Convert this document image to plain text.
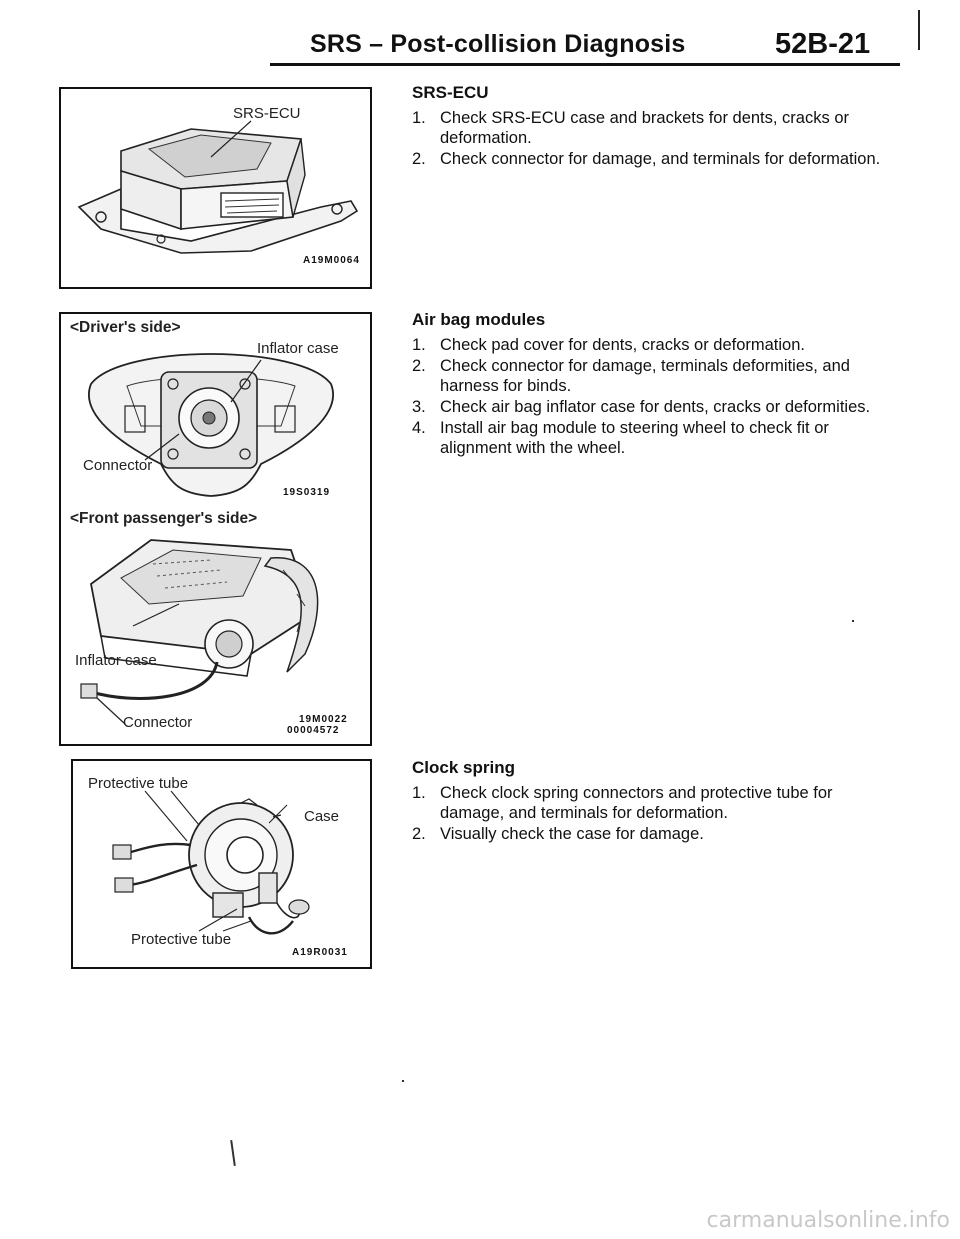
SRS – Post-collision Diagnosis	52B-21
SRS-ECU
A19M0064
<Driver's side>
Inflator case
Connector
19S0319
<Front passenger's side>
Inflator case
Connector	19M0022
00004572
Protective tube
Case
Protective tube
A19R0031
SRS-ECU
1. Check SRS-ECU case and brackets for dents, cracks or deformation.
2. Check connector for damage, and terminals for deformation.
Air bag modules
1. Check pad cover for dents, cracks or deformation.
2. Check connector for damage, terminals deformities, and harness for binds.
3. Check air bag inflator case for dents, cracks or deformities.
4. Install air bag module to steering wheel to check fit or alignment with the wheel.
Clock spring
1. Check clock spring connectors and protective tube for damage, and terminals for deformation.
2. Visually check the case for damage.
carmanualsonline.info
